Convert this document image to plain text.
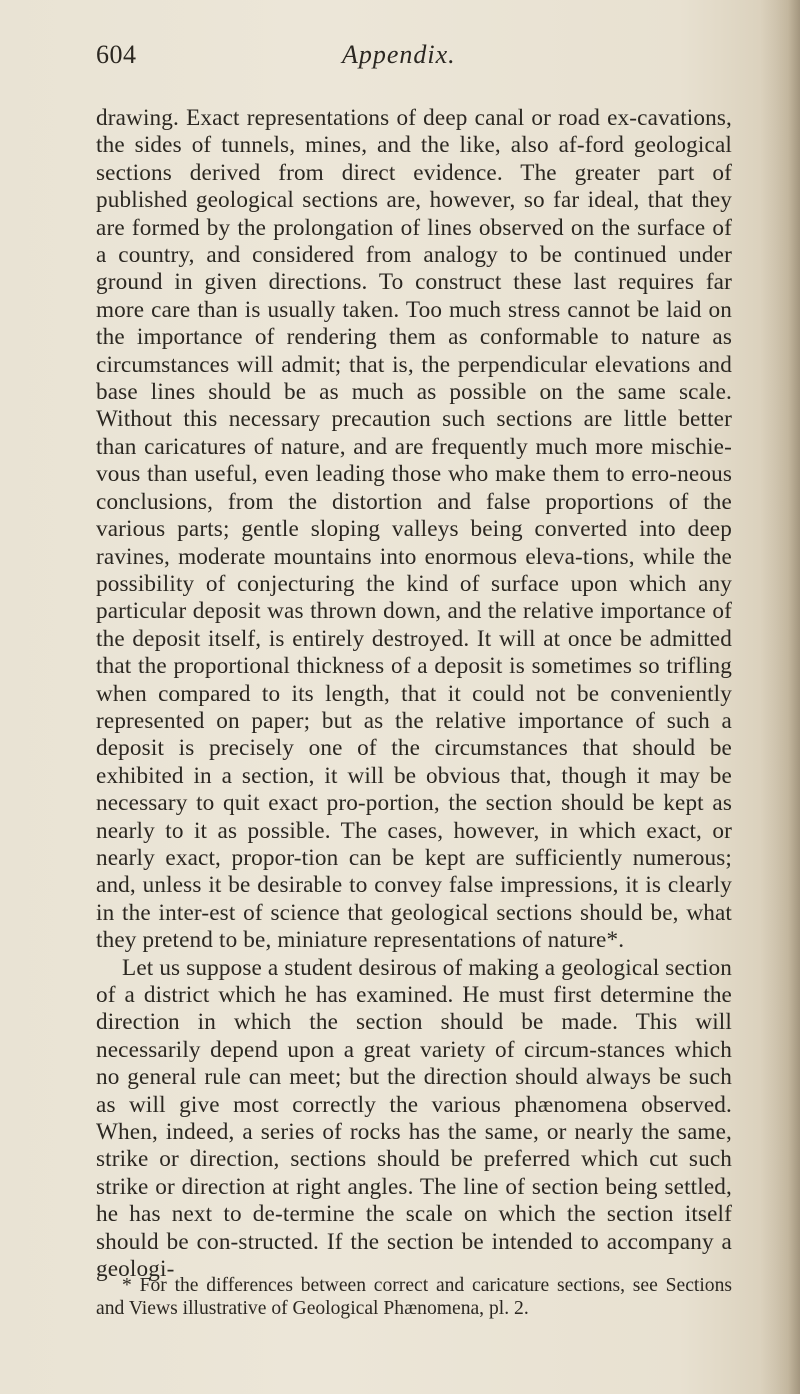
604	Appendix.

drawing. Exact representations of deep canal or road ex-cavations, the sides of tunnels, mines, and the like, also af-ford geological sections derived from direct evidence. The greater part of published geological sections are, however, so far ideal, that they are formed by the prolongation of lines observed on the surface of a country, and considered from analogy to be continued under ground in given directions. To construct these last requires far more care than is usually taken. Too much stress cannot be laid on the importance of rendering them as conformable to nature as circumstances will admit; that is, the perpendicular elevations and base lines should be as much as possible on the same scale. Without this necessary precaution such sections are little better than caricatures of nature, and are frequently much more mischie-vous than useful, even leading those who make them to erro-neous conclusions, from the distortion and false proportions of the various parts; gentle sloping valleys being converted into deep ravines, moderate mountains into enormous eleva-tions, while the possibility of conjecturing the kind of surface upon which any particular deposit was thrown down, and the relative importance of the deposit itself, is entirely destroyed. It will at once be admitted that the proportional thickness of a deposit is sometimes so trifling when compared to its length, that it could not be conveniently represented on paper; but as the relative importance of such a deposit is precisely one of the circumstances that should be exhibited in a section, it will be obvious that, though it may be necessary to quit exact pro-portion, the section should be kept as nearly to it as possible. The cases, however, in which exact, or nearly exact, propor-tion can be kept are sufficiently numerous; and, unless it be desirable to convey false impressions, it is clearly in the inter-est of science that geological sections should be, what they pretend to be, miniature representations of nature*.

Let us suppose a student desirous of making a geological section of a district which he has examined. He must first determine the direction in which the section should be made. This will necessarily depend upon a great variety of circum-stances which no general rule can meet; but the direction should always be such as will give most correctly the various phænomena observed. When, indeed, a series of rocks has the same, or nearly the same, strike or direction, sections should be preferred which cut such strike or direction at right angles. The line of section being settled, he has next to de-termine the scale on which the section itself should be con-structed. If the section be intended to accompany a geologi-

* For the differences between correct and caricature sections, see Sections and Views illustrative of Geological Phænomena, pl. 2.
